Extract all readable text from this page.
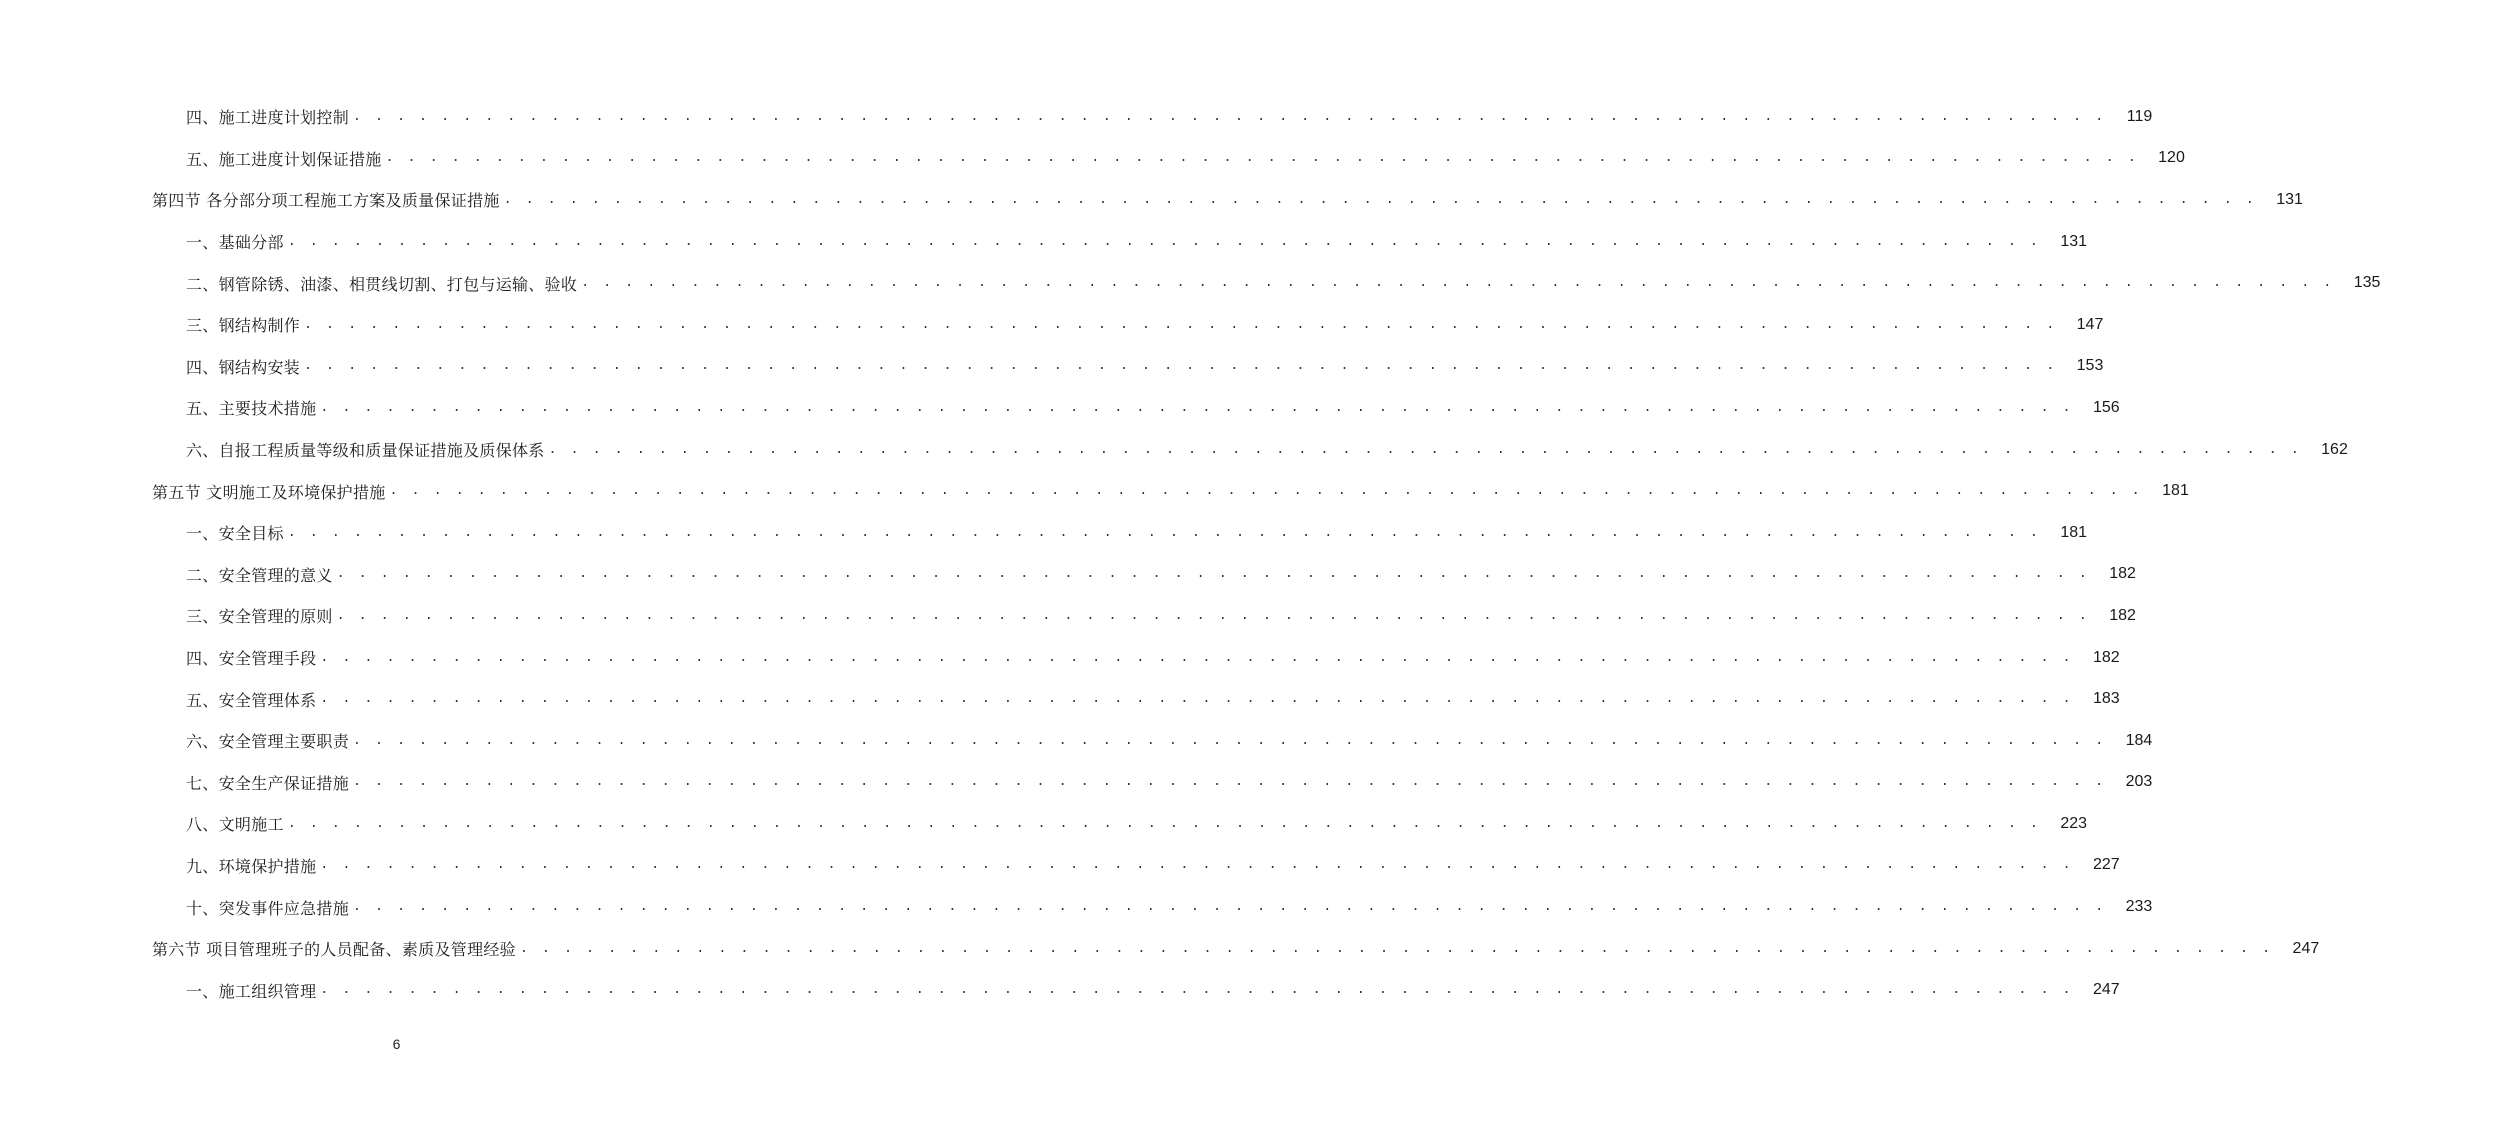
四、施工进度计划控制 . . . . . . . . . . . . . . . . . . . . . . . . . . . . . . . . . . . . . . . . . . . . . . . . . . . . . . . . . . . . . . . . . . . . . . . . . . . . . . . .	119
五、施工进度计划保证措施 . . . . . . . . . . . . . . . . . . . . . . . . . . . . . . . . . . . . . . . . . . . . . . . . . . . . . . . . . . . . . . . . . . . . . . . . . . . . . . . .	120
第四节 各分部分项工程施工方案及质量保证措施 . . . . . . . . . . . . . . . . . . . . . . . . . . . . . . . . . . . . . . . . . . . . . . . . . . . . . . . . . . . . . . . . . . . . . . . . . . . . . . . .	131
一、基础分部 . . . . . . . . . . . . . . . . . . . . . . . . . . . . . . . . . . . . . . . . . . . . . . . . . . . . . . . . . . . . . . . . . . . . . . . . . . . . . . . .	131
二、钢管除锈、油漆、相贯线切割、打包与运输、验收 . . . . . . . . . . . . . . . . . . . . . . . . . . . . . . . . . . . . . . . . . . . . . . . . . . . . . . . . . . . . . . . . . . . . . . . . . . . . . . . .	135
三、钢结构制作 . . . . . . . . . . . . . . . . . . . . . . . . . . . . . . . . . . . . . . . . . . . . . . . . . . . . . . . . . . . . . . . . . . . . . . . . . . . . . . . .	147
四、钢结构安装 . . . . . . . . . . . . . . . . . . . . . . . . . . . . . . . . . . . . . . . . . . . . . . . . . . . . . . . . . . . . . . . . . . . . . . . . . . . . . . . .	153
五、主要技术措施 . . . . . . . . . . . . . . . . . . . . . . . . . . . . . . . . . . . . . . . . . . . . . . . . . . . . . . . . . . . . . . . . . . . . . . . . . . . . . . . .	156
六、自报工程质量等级和质量保证措施及质保体系 . . . . . . . . . . . . . . . . . . . . . . . . . . . . . . . . . . . . . . . . . . . . . . . . . . . . . . . . . . . . . . . . . . . . . . . . . . . . . . . .	162
第五节 文明施工及环境保护措施 . . . . . . . . . . . . . . . . . . . . . . . . . . . . . . . . . . . . . . . . . . . . . . . . . . . . . . . . . . . . . . . . . . . . . . . . . . . . . . . .	181
一、安全目标 . . . . . . . . . . . . . . . . . . . . . . . . . . . . . . . . . . . . . . . . . . . . . . . . . . . . . . . . . . . . . . . . . . . . . . . . . . . . . . . .	181
二、安全管理的意义 . . . . . . . . . . . . . . . . . . . . . . . . . . . . . . . . . . . . . . . . . . . . . . . . . . . . . . . . . . . . . . . . . . . . . . . . . . . . . . . .	182
三、安全管理的原则 . . . . . . . . . . . . . . . . . . . . . . . . . . . . . . . . . . . . . . . . . . . . . . . . . . . . . . . . . . . . . . . . . . . . . . . . . . . . . . . .	182
四、安全管理手段 . . . . . . . . . . . . . . . . . . . . . . . . . . . . . . . . . . . . . . . . . . . . . . . . . . . . . . . . . . . . . . . . . . . . . . . . . . . . . . . .	182
五、安全管理体系 . . . . . . . . . . . . . . . . . . . . . . . . . . . . . . . . . . . . . . . . . . . . . . . . . . . . . . . . . . . . . . . . . . . . . . . . . . . . . . . .	183
六、安全管理主要职责 . . . . . . . . . . . . . . . . . . . . . . . . . . . . . . . . . . . . . . . . . . . . . . . . . . . . . . . . . . . . . . . . . . . . . . . . . . . . . . . .	184
七、安全生产保证措施 . . . . . . . . . . . . . . . . . . . . . . . . . . . . . . . . . . . . . . . . . . . . . . . . . . . . . . . . . . . . . . . . . . . . . . . . . . . . . . . .	203
八、文明施工 . . . . . . . . . . . . . . . . . . . . . . . . . . . . . . . . . . . . . . . . . . . . . . . . . . . . . . . . . . . . . . . . . . . . . . . . . . . . . . . .	223
九、环境保护措施 . . . . . . . . . . . . . . . . . . . . . . . . . . . . . . . . . . . . . . . . . . . . . . . . . . . . . . . . . . . . . . . . . . . . . . . . . . . . . . . .	227
十、突发事件应急措施 . . . . . . . . . . . . . . . . . . . . . . . . . . . . . . . . . . . . . . . . . . . . . . . . . . . . . . . . . . . . . . . . . . . . . . . . . . . . . . . .	233
第六节 项目管理班子的人员配备、素质及管理经验 . . . . . . . . . . . . . . . . . . . . . . . . . . . . . . . . . . . . . . . . . . . . . . . . . . . . . . . . . . . . . . . . . . . . . . . . . . . . . . . .	247
一、施工组织管理 . . . . . . . . . . . . . . . . . . . . . . . . . . . . . . . . . . . . . . . . . . . . . . . . . . . . . . . . . . . . . . . . . . . . . . . . . . . . . . . .	247
6
